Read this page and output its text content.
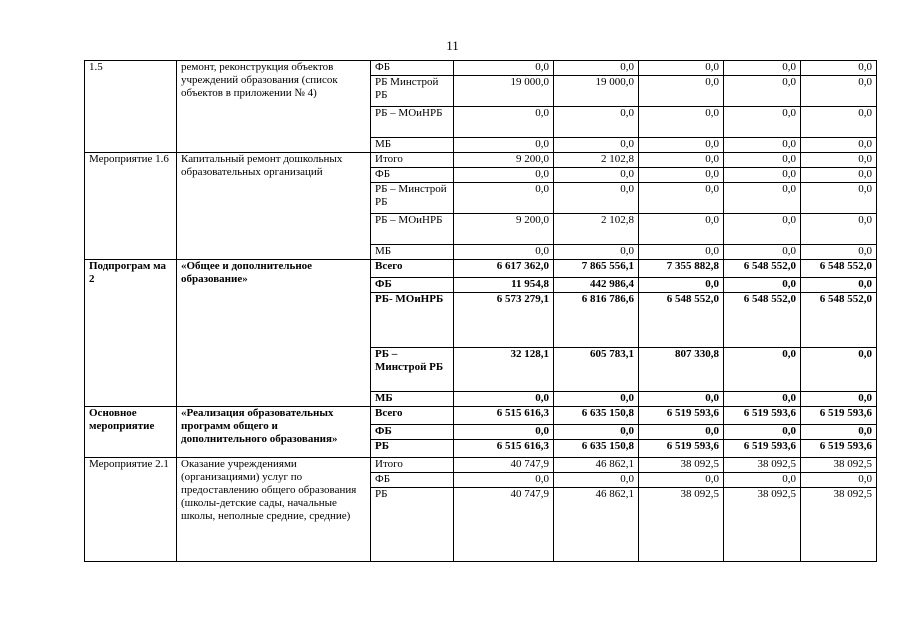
11
1.5	ремонт, реконструкция объектов учреждений образования (список объектов в приложении № 4)	ФБ	0,0	0,0	0,0	0,0	0,0
		РБ Минстрой РБ	19 000,0	19 000,0	0,0	0,0	0,0
		РБ – МОиНРБ	0,0	0,0	0,0	0,0	0,0
		МБ	0,0	0,0	0,0	0,0	0,0
Мероприятие 1.6	Капитальный ремонт дошкольных образовательных организаций	Итого	9 200,0	2 102,8	0,0	0,0	0,0
		ФБ	0,0	0,0	0,0	0,0	0,0
		РБ – Минстрой РБ	0,0	0,0	0,0	0,0	0,0
		РБ – МОиНРБ	9 200,0	2 102,8	0,0	0,0	0,0
		МБ	0,0	0,0	0,0	0,0	0,0
Подпрограм ма 2	«Общее и дополнительное образование»	Всего	6 617 362,0	7 865 556,1	7 355 882,8	6 548 552,0	6 548 552,0
		ФБ	11 954,8	442 986,4	0,0	0,0	0,0
		РБ- МОиНРБ	6 573 279,1	6 816 786,6	6 548 552,0	6 548 552,0	6 548 552,0
		РБ – Минстрой РБ	32 128,1	605 783,1	807 330,8	0,0	0,0
		МБ	0,0	0,0	0,0	0,0	0,0
Основное мероприятие	«Реализация образовательных программ общего и дополнительного образования»	Всего	6 515 616,3	6 635 150,8	6 519 593,6	6 519 593,6	6 519 593,6
		ФБ	0,0	0,0	0,0	0,0	0,0
		РБ	6 515 616,3	6 635 150,8	6 519 593,6	6 519 593,6	6 519 593,6
Мероприятие 2.1	Оказание учреждениями (организациями) услуг по предоставлению общего образования (школы-детские сады, начальные школы, неполные средние, средние)	Итого	40 747,9	46 862,1	38 092,5	38 092,5	38 092,5
		ФБ	0,0	0,0	0,0	0,0	0,0
		РБ	40 747,9	46 862,1	38 092,5	38 092,5	38 092,5
